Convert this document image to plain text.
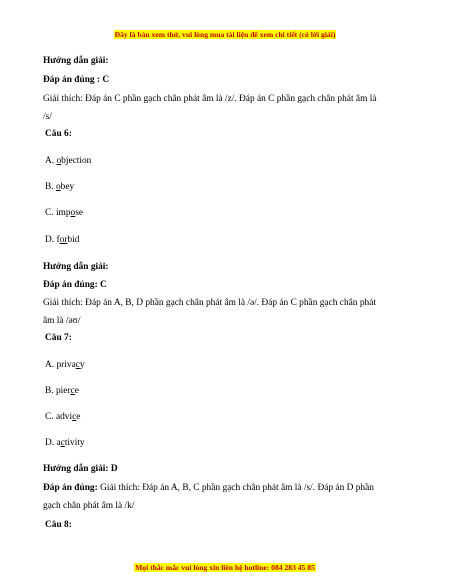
Đây là bản xem thử, vui lòng mua tài liệu để xem chi tiết (có lời giải)
Hướng dẫn giải:
Đáp án đúng : C
Giải thích: Đáp án C phần gạch chân phát âm là /z/. Đáp án C phần gạch chân phát âm là
/s/
Câu 6:
A. objection
B. obey
C. impose
D. forbid
Hướng dẫn giải:
Đáp án đúng: C
Giải thích: Đáp án A, B, D phần gạch chân phát âm là /ə/. Đáp án C phần gạch chân phát
âm là /əʊ/
Câu 7:
A. privacy
B. pierce
C. advice
D. activity
Hướng dẫn giải: D
Đáp án đúng: Giải thích: Đáp án A, B, C phần gạch chân phát âm là /s/. Đáp án D phần
gạch chân phát âm là /k/
Câu 8:
Mọi thắc mắc vui lòng xin liên hệ hotline: 084 283 45 85
